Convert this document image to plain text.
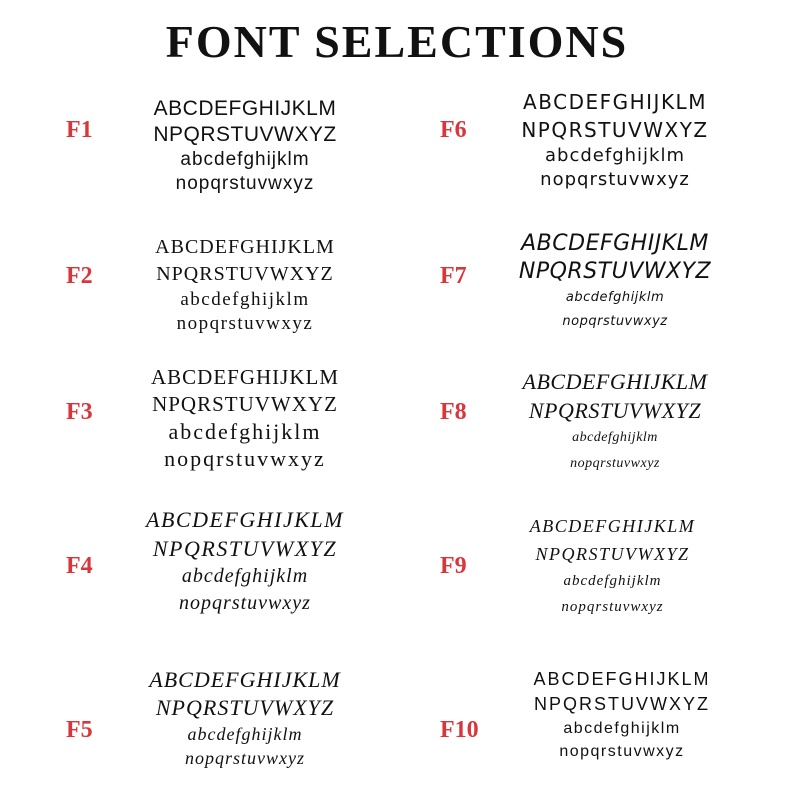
FONT SELECTIONS
F1
ABCDEFGHIJKLM
NPQRSTUVWXYZ
abcdefghijklm
nopqrstuvwxyz
F2
ABCDEFGHIJKLM
NPQRSTUVWXYZ
abcdefghijklm
nopqrstuvwxyz
F3
ABCDEFGHIJKLM
NPQRSTUVWXYZ
abcdefghijklm
nopqrstuvwxyz
F4
ABCDEFGHIJKLM
NPQRSTUVWXYZ
abcdefghijklm
nopqrstuvwxyz
F5
ABCDEFGHIJKLM
NPQRSTUVWXYZ
abcdefghijklm
nopqrstuvwxyz
F6
ABCDEFGHIJKLM
NPQRSTUVWXYZ
abcdefghijklm
nopqrstuvwxyz
F7
ABCDEFGHIJKLM
NPQRSTUVWXYZ
abcdefghijklm
nopqrstuvwxyz
F8
ABCDEFGHIJKLM
NPQRSTUVWXYZ
abcdefghijklm
nopqrstuvwxyz
F9
ABCDEFGHIJKLM
NPQRSTUVWXYZ
abcdefghijklm
nopqrstuvwxyz
F10
ABCDEFGHIJKLM
NPQRSTUVWXYZ
abcdefghijklm
nopqrstuvwxyz
